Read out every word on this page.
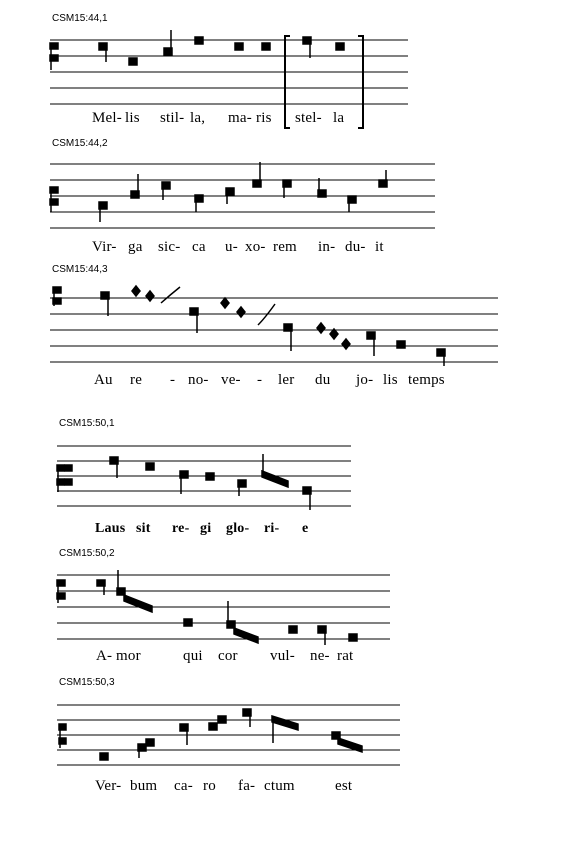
CSM15:44,1
Mel- lis stil- la, ma- ris stel- la
CSM15:44,2
Vir- ga sic- ca u- xo- rem in- du- it
CSM15:44,3
Au re - no- ve- - ler du jo- lis temps
CSM15:50,1
Laus sit re- gi glo- ri- e
CSM15:50,2
A- mor	qui cor vul- ne- rat
CSM15:50,3
Ver- bum ca- ro fa- ctum	est
